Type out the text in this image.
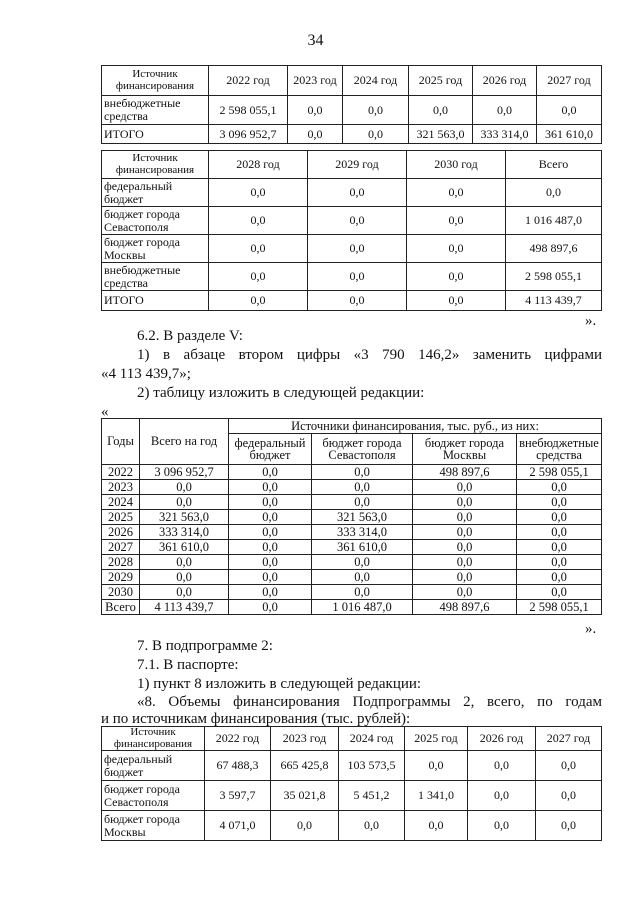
34
Источник финансирования	2022 год	2023 год	2024 год	2025 год	2026 год	2027 год
внебюджетные средства	2 598 055,1	0,0	0,0	0,0	0,0	0,0
ИТОГО	3 096 952,7	0,0	0,0	321 563,0	333 314,0	361 610,0
Источник финансирования	2028 год	2029 год	2030 год	Всего
федеральный бюджет	0,0	0,0	0,0	0,0
бюджет города Севастополя	0,0	0,0	0,0	1 016 487,0
бюджет города Москвы	0,0	0,0	0,0	498 897,6
внебюджетные средства	0,0	0,0	0,0	2 598 055,1
ИТОГО	0,0	0,0	0,0	4 113 439,7
».
6.2. В разделе V:
1) в абзаце втором цифры «3 790 146,2» заменить цифрами
«4 113 439,7»;
2) таблицу изложить в следующей редакции:
«
Годы	Всего на год	Источники финансирования, тыс. руб., из них:			
		федеральный бюджет	бюджет города Севастополя	бюджет города Москвы	внебюджетные средства
2022	3 096 952,7	0,0	0,0	498 897,6	2 598 055,1
2023	0,0	0,0	0,0	0,0	0,0
2024	0,0	0,0	0,0	0,0	0,0
2025	321 563,0	0,0	321 563,0	0,0	0,0
2026	333 314,0	0,0	333 314,0	0,0	0,0
2027	361 610,0	0,0	361 610,0	0,0	0,0
2028	0,0	0,0	0,0	0,0	0,0
2029	0,0	0,0	0,0	0,0	0,0
2030	0,0	0,0	0,0	0,0	0,0
Всего	4 113 439,7	0,0	1 016 487,0	498 897,6	2 598 055,1
».
7. В подпрограмме 2:
7.1. В паспорте:
1) пункт 8 изложить в следующей редакции:
«8. Объемы финансирования Подпрограммы 2, всего, по годам
и по источникам финансирования (тыс. рублей):
Источник финансирования	2022 год	2023 год	2024 год	2025 год	2026 год	2027 год
федеральный бюджет	67 488,3	665 425,8	103 573,5	0,0	0,0	0,0
бюджет города Севастополя	3 597,7	35 021,8	5 451,2	1 341,0	0,0	0,0
бюджет города Москвы	4 071,0	0,0	0,0	0,0	0,0	0,0
